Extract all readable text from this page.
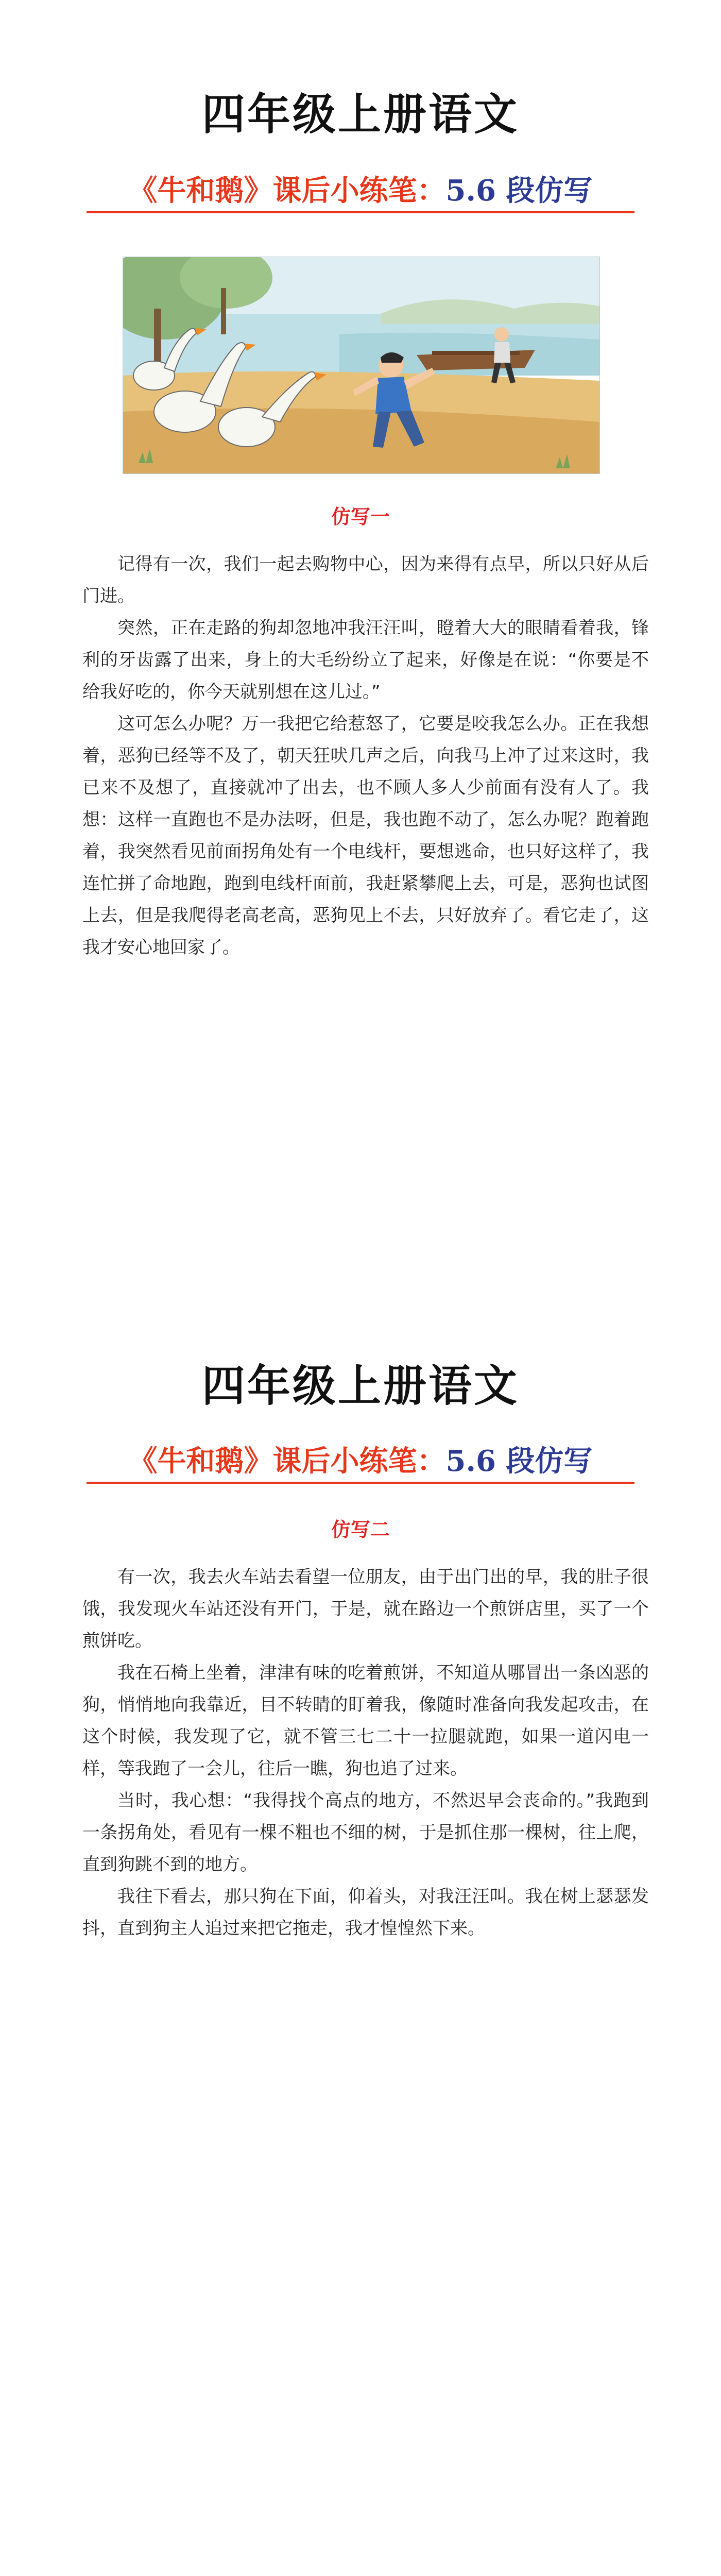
四年级上册语文
《牛和鹅》课后小练笔：5.6 段仿写
仿写一
记得有一次，我们一起去购物中心，因为来得有点早，所以只好从后门进。
突然，正在走路的狗却忽地冲我汪汪叫，瞪着大大的眼睛看着我，锋利的牙齿露了出来，身上的大毛纷纷立了起来，好像是在说：“你要是不给我好吃的，你今天就别想在这儿过。”
这可怎么办呢？万一我把它给惹怒了，它要是咬我怎么办。正在我想着，恶狗已经等不及了，朝天狂吠几声之后，向我马上冲了过来这时，我已来不及想了，直接就冲了出去，也不顾人多人少前面有没有人了。我想：这样一直跑也不是办法呀，但是，我也跑不动了，怎么办呢？跑着跑着，我突然看见前面拐角处有一个电线杆，要想逃命，也只好这样了，我连忙拼了命地跑，跑到电线杆面前，我赶紧攀爬上去，可是，恶狗也试图上去，但是我爬得老高老高，恶狗见上不去，只好放弃了。看它走了，这我才安心地回家了。
四年级上册语文
《牛和鹅》课后小练笔：5.6 段仿写
仿写二
有一次，我去火车站去看望一位朋友，由于出门出的早，我的肚子很饿，我发现火车站还没有开门，于是，就在路边一个煎饼店里，买了一个煎饼吃。
我在石椅上坐着，津津有味的吃着煎饼，不知道从哪冒出一条凶恶的狗，悄悄地向我靠近，目不转睛的盯着我，像随时准备向我发起攻击，在这个时候，我发现了它，就不管三七二十一拉腿就跑，如果一道闪电一样，等我跑了一会儿，往后一瞧，狗也追了过来。
当时，我心想：“我得找个高点的地方，不然迟早会丧命的。”我跑到一条拐角处，看见有一棵不粗也不细的树，于是抓住那一棵树，往上爬，直到狗跳不到的地方。
我往下看去，那只狗在下面，仰着头，对我汪汪叫。我在树上瑟瑟发抖，直到狗主人追过来把它拖走，我才惶惶然下来。
